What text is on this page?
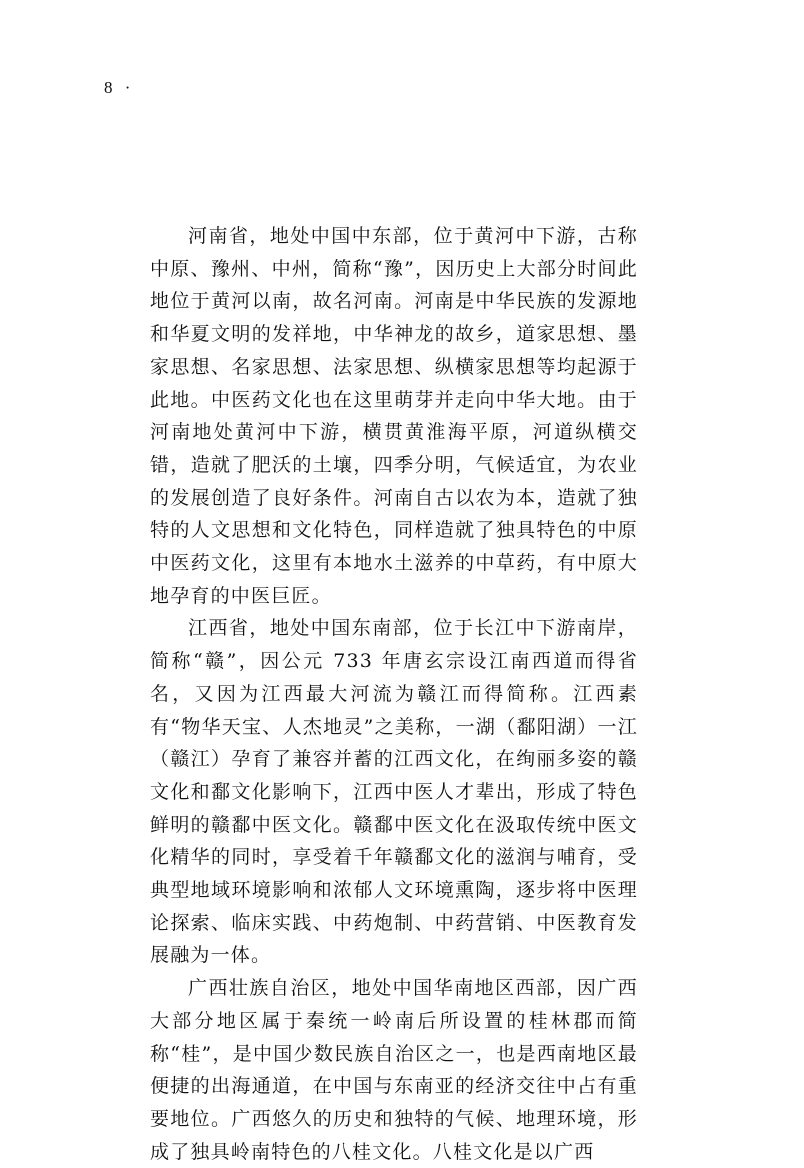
8 ·

河南省，地处中国中东部，位于黄河中下游，古称中原、豫州、中州，简称“豫”，因历史上大部分时间此地位于黄河以南，故名河南。河南是中华民族的发源地和华夏文明的发祥地，中华神龙的故乡，道家思想、墨家思想、名家思想、法家思想、纵横家思想等均起源于此地。中医药文化也在这里萌芽并走向中华大地。由于河南地处黄河中下游，横贯黄淮海平原，河道纵横交错，造就了肥沃的土壤，四季分明，气候适宜，为农业的发展创造了良好条件。河南自古以农为本，造就了独特的人文思想和文化特色，同样造就了独具特色的中原中医药文化，这里有本地水土滋养的中草药，有中原大地孕育的中医巨匠。

江西省，地处中国东南部，位于长江中下游南岸，简称“赣”，因公元 733 年唐玄宗设江南西道而得省名，又因为江西最大河流为赣江而得简称。江西素有“物华天宝、人杰地灵”之美称，一湖（鄱阳湖）一江（赣江）孕育了兼容并蓄的江西文化，在绚丽多姿的赣文化和鄱文化影响下，江西中医人才辈出，形成了特色鲜明的赣鄱中医文化。赣鄱中医文化在汲取传统中医文化精华的同时，享受着千年赣鄱文化的滋润与哺育，受典型地域环境影响和浓郁人文环境熏陶，逐步将中医理论探索、临床实践、中药炮制、中药营销、中医教育发展融为一体。

广西壮族自治区，地处中国华南地区西部，因广西大部分地区属于秦统一岭南后所设置的桂林郡而简称“桂”，是中国少数民族自治区之一，也是西南地区最便捷的出海通道，在中国与东南亚的经济交往中占有重要地位。广西悠久的历史和独特的气候、地理环境，形成了独具岭南特色的八桂文化。八桂文化是以广西
